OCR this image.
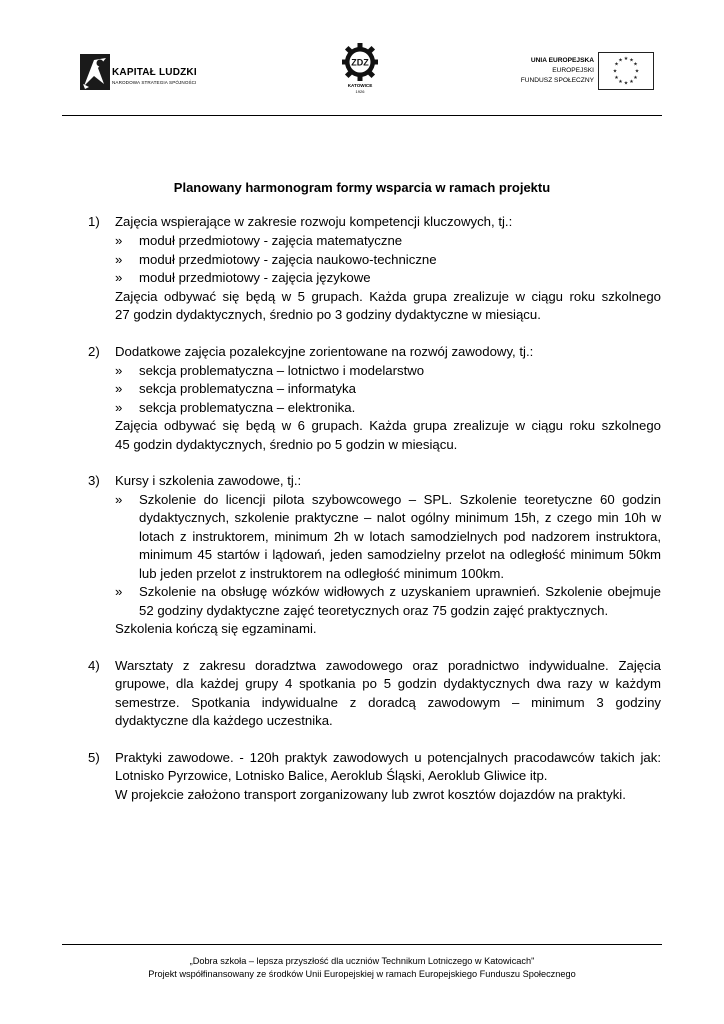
KAPITAŁ LUDZKI
NARODOWA STRATEGIA SPÓJNOŚCI
ZDZ
KATOWICE
1926
UNIA EUROPEJSKA
EUROPEJSKI
FUNDUSZ SPOŁECZNY
★ ★
★
★
★
★
★
★
★
★
★
★
Planowany harmonogram formy wsparcia w ramach projektu
1) Zajęcia wspierające w zakresie rozwoju kompetencji kluczowych, tj.:
» moduł przedmiotowy - zajęcia matematyczne
» moduł przedmiotowy - zajęcia naukowo-techniczne
» moduł przedmiotowy - zajęcia językowe
Zajęcia odbywać się będą w 5 grupach. Każda grupa zrealizuje w ciągu roku szkolnego
27 godzin dydaktycznych, średnio po 3 godziny dydaktyczne w miesiącu.
2) Dodatkowe zajęcia pozalekcyjne zorientowane na rozwój zawodowy, tj.:
» sekcja problematyczna – lotnictwo i modelarstwo
» sekcja problematyczna – informatyka
» sekcja problematyczna – elektronika.
Zajęcia odbywać się będą w 6 grupach. Każda grupa zrealizuje w ciągu roku szkolnego
45 godzin dydaktycznych, średnio po 5 godzin w miesiącu.
3) Kursy i szkolenia zawodowe, tj.:
» Szkolenie do licencji pilota szybowcowego – SPL. Szkolenie teoretyczne 60 godzin
dydaktycznych, szkolenie praktyczne – nalot ogólny minimum 15h, z czego min 10h w
lotach z instruktorem, minimum 2h w lotach samodzielnych pod nadzorem instruktora,
minimum 45 startów i lądowań, jeden samodzielny przelot na odległość minimum 50km
lub jeden przelot z instruktorem na odległość minimum 100km.
» Szkolenie na obsługę wózków widłowych z uzyskaniem uprawnień. Szkolenie obejmuje
52 godziny dydaktyczne zajęć teoretycznych oraz 75 godzin zajęć praktycznych.
Szkolenia kończą się egzaminami.
4) Warsztaty z zakresu doradztwa zawodowego oraz poradnictwo indywidualne. Zajęcia
grupowe, dla każdej grupy 4 spotkania po 5 godzin dydaktycznych dwa razy w każdym
semestrze. Spotkania indywidualne z doradcą zawodowym – minimum 3 godziny
dydaktyczne dla każdego uczestnika.
5) Praktyki zawodowe. - 120h praktyk zawodowych u potencjalnych pracodawców takich jak:
Lotnisko Pyrzowice, Lotnisko Balice, Aeroklub Śląski, Aeroklub Gliwice itp.
W projekcie założono transport zorganizowany lub zwrot kosztów dojazdów na praktyki.
„Dobra szkoła – lepsza przyszłość dla uczniów Technikum Lotniczego w Katowicach"
Projekt współfinansowany ze środków Unii Europejskiej w ramach Europejskiego Funduszu Społecznego
